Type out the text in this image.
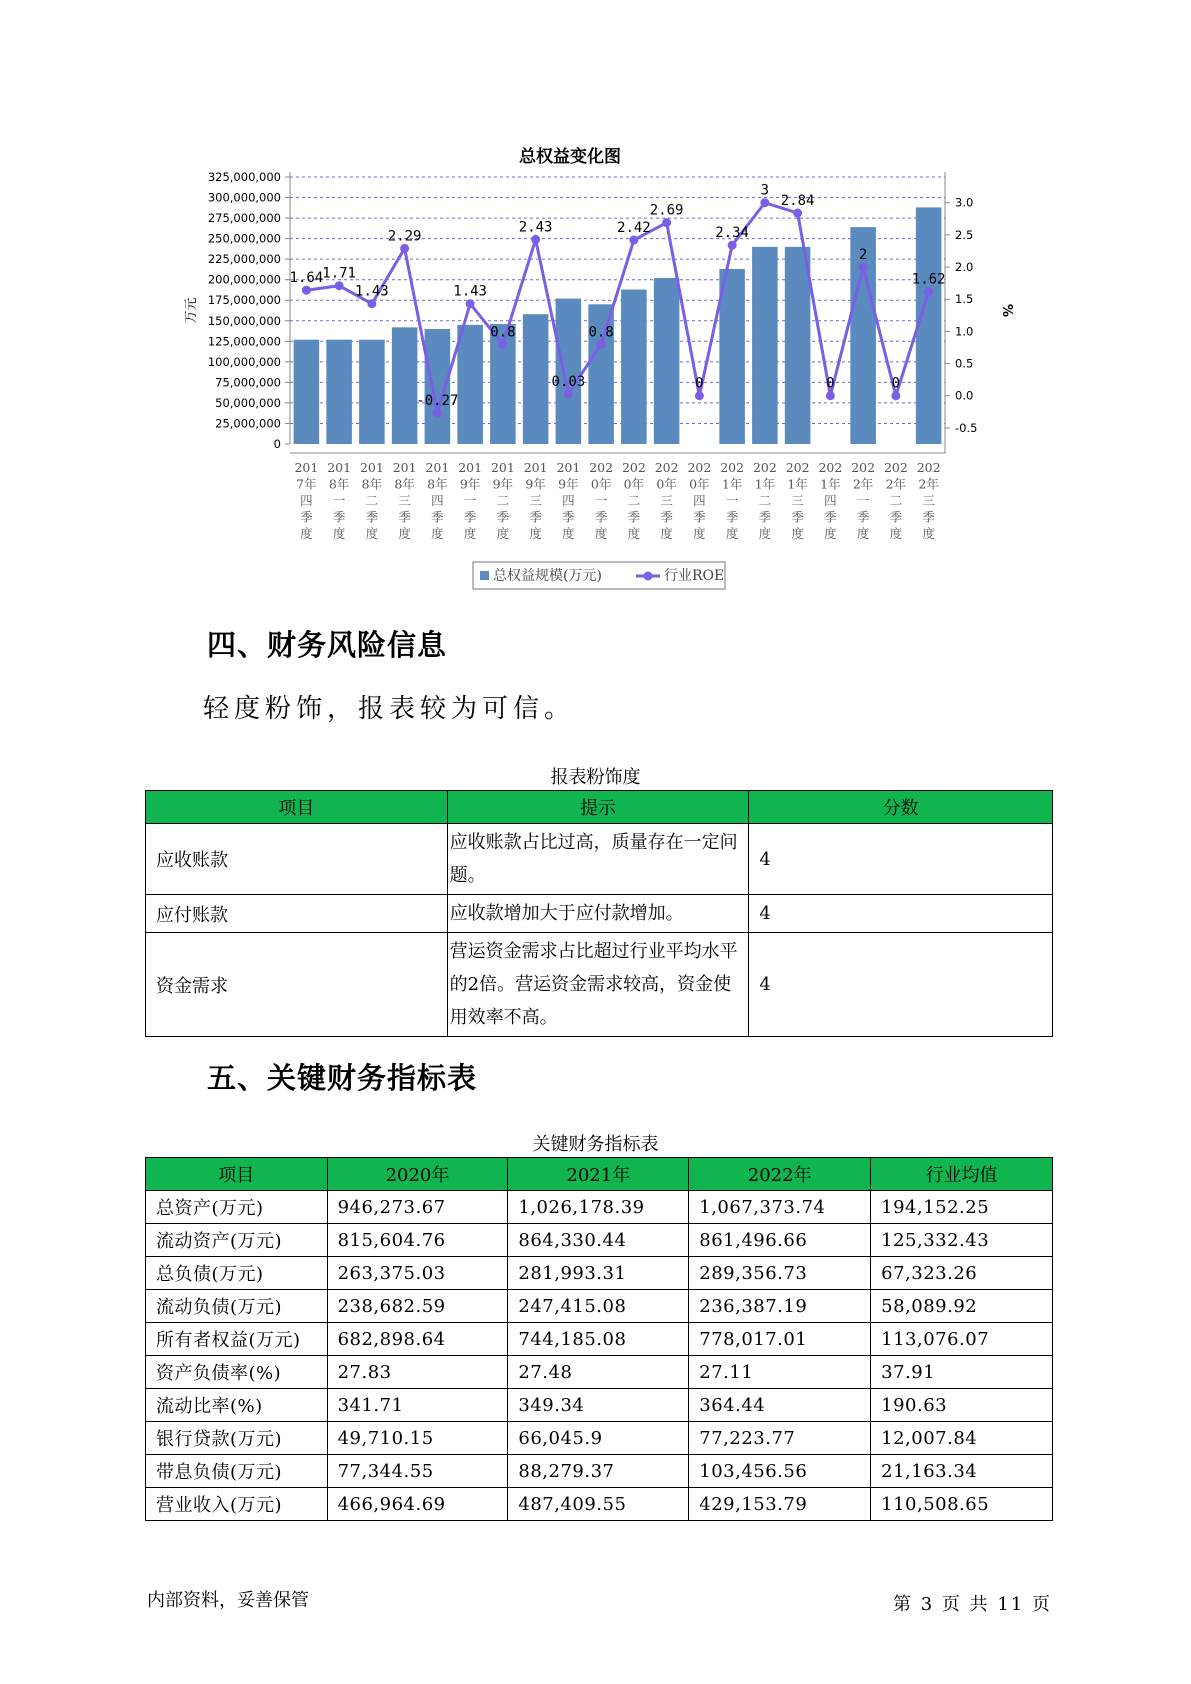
总权益变化图
325,000,000
300,000,000
275,000,000
250,000,000
225,000,000
200,000,000
175,000,000
150,000,000
125,000,000
100,000,000
75,000,000
50,000,000
25,000,000
0
3.0
2.5
2.0
1.5
1.0
0.5
0.0
-0.5
万元	%
1.64 1.71
1.43
2.29
-0.27
1.43
0.8
2.43
0.03
0.8
2.42
2.69
0
2.34
3
2.84
0
2
0
1.62
201
7年
四
季
度
201
8年
一
季
度
201
8年
二
季
度
201
8年
三
季
度
201
8年
四
季
度
201
9年
一
季
度
201
9年
二
季
度
201
9年
三
季
度
201
9年
四
季
度
202
0年
一
季
度
202
0年
二
季
度
202
0年
三
季
度
202
0年
四
季
度
202
1年
一
季
度
202
1年
二
季
度
202
1年
三
季
度
202
1年
四
季
度
202
2年
一
季
度
202
2年
二
季
度
202
2年
三
季
度
总权益规模(万元)	行业ROE
四、财务风险信息
轻度粉饰，报表较为可信。
报表粉饰度
项目	提示	分数
应收账款	应收账款占比过高，质量存在一定问题。	4
应付账款	应收款增加大于应付款增加。	4
资金需求	营运资金需求占比超过行业平均水平的2倍。营运资金需求较高，资金使用效率不高。	4
五、关键财务指标表
关键财务指标表
项目	2020年	2021年	2022年	行业均值
总资产(万元)	946,273.67	1,026,178.39	1,067,373.74	194,152.25
流动资产(万元)	815,604.76	864,330.44	861,496.66	125,332.43
总负债(万元)	263,375.03	281,993.31	289,356.73	67,323.26
流动负债(万元)	238,682.59	247,415.08	236,387.19	58,089.92
所有者权益(万元)	682,898.64	744,185.08	778,017.01	113,076.07
资产负债率(%)	27.83	27.48	27.11	37.91
流动比率(%)	341.71	349.34	364.44	190.63
银行贷款(万元)	49,710.15	66,045.9	77,223.77	12,007.84
带息负债(万元)	77,344.55	88,279.37	103,456.56	21,163.34
营业收入(万元)	466,964.69	487,409.55	429,153.79	110,508.65
内部资料，妥善保管	第 3 页 共 11 页
